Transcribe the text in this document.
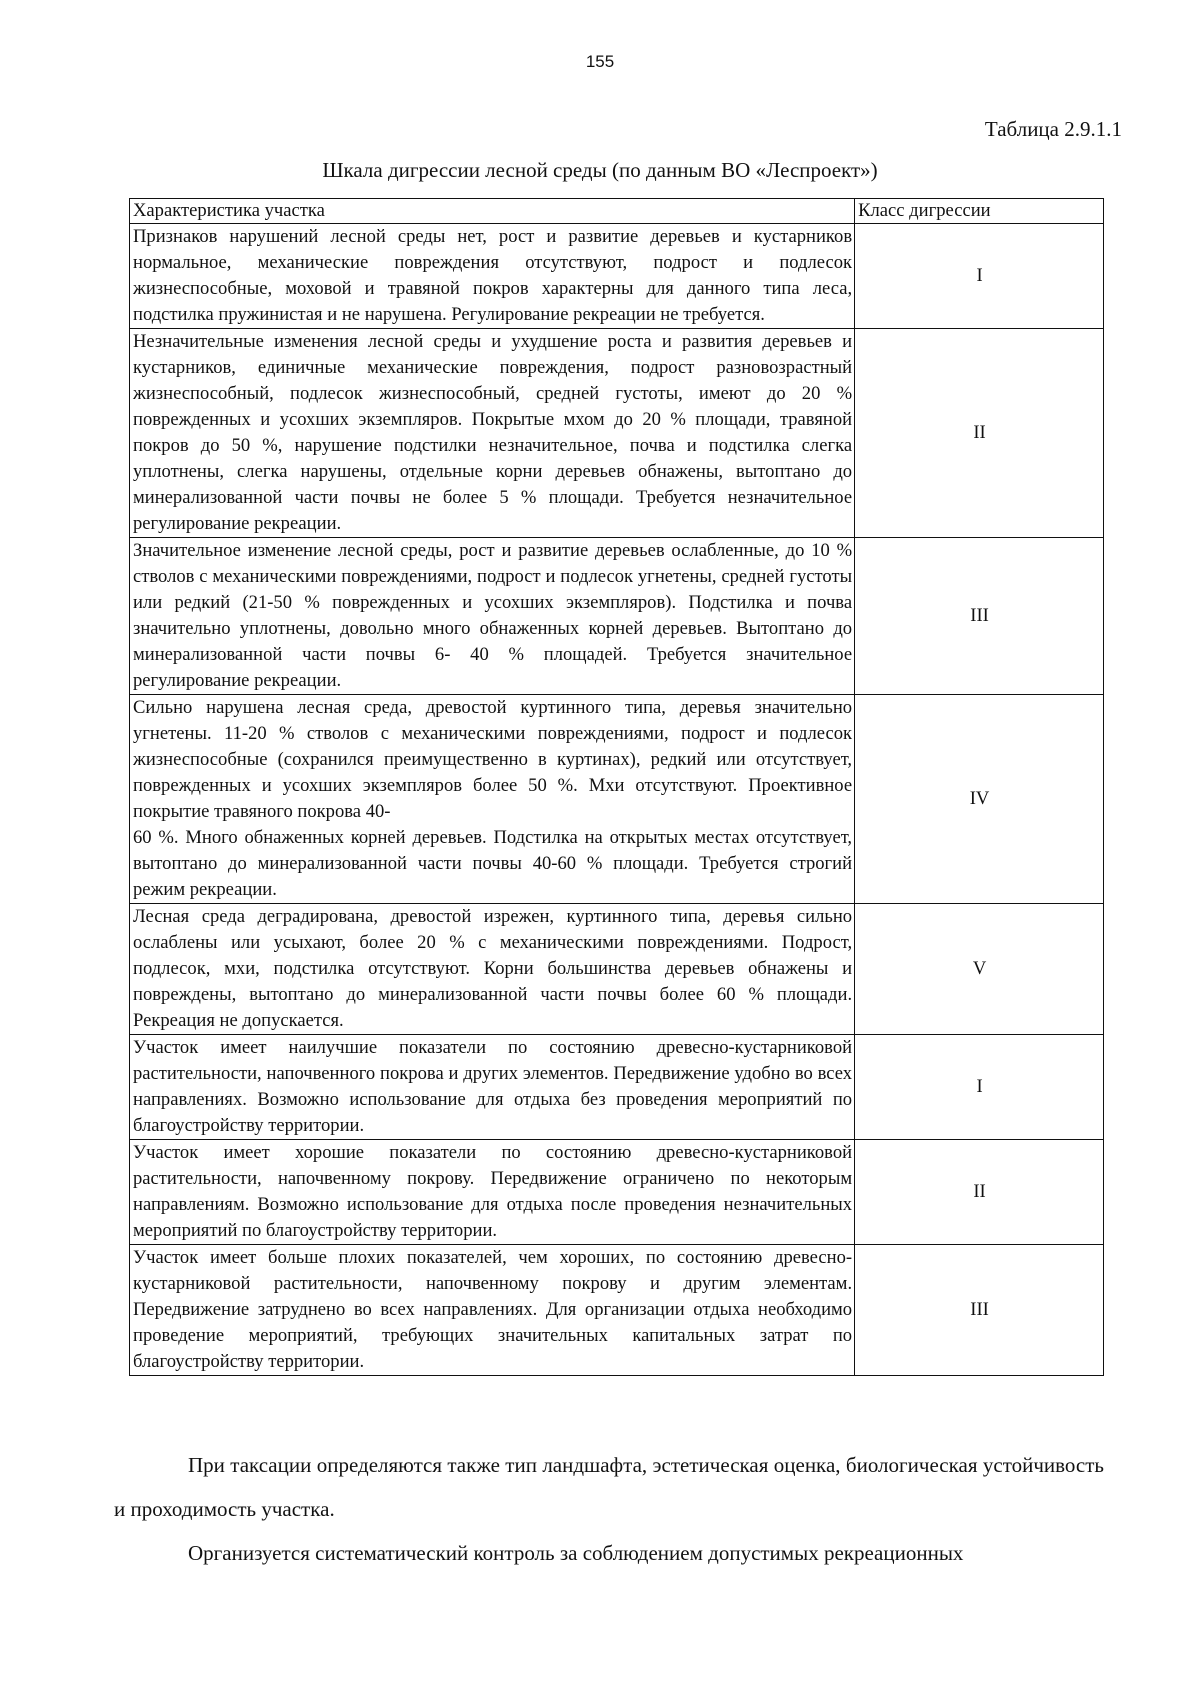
155
Таблица 2.9.1.1
Шкала дигрессии лесной среды (по данным ВО «Леспроект»)
Характеристика участка	Класс дигрессии
Признаков нарушений лесной среды нет, рост и развитие деревьев и кустарников нормальное, механические повреждения отсутствуют, подрост и подлесок жизнеспособные, моховой и травяной покров характерны для данного типа леса, подстилка пружинистая и не нарушена. Регулирование рекреации не требуется.	I
Незначительные изменения лесной среды и ухудшение роста и развития деревьев и кустарников, единичные механические повреждения, подрост разновозрастный жизнеспособный, подлесок жизнеспособный, средней густоты, имеют до 20 % поврежденных и усохших экземпляров. Покрытые мхом до 20 % площади, травяной покров до 50 %, нарушение подстилки незначительное, почва и подстилка слегка уплотнены, слегка нарушены, отдельные корни деревьев обнажены, вытоптано до минерализованной части почвы не более 5 % площади. Требуется незначительное регулирование рекреации.	II
Значительное изменение лесной среды, рост и развитие деревьев ослабленные, до 10 % стволов с механическими повреждениями, подрост и подлесок угнетены, средней густоты или редкий (21-50 % поврежденных и усохших экземпляров). Подстилка и почва значительно уплотнены, довольно много обнаженных корней деревьев. Вытоптано до минерализованной части почвы 6- 40 % площадей. Требуется значительное регулирование рекреации.	III
Сильно нарушена лесная среда, древостой куртинного типа, деревья значительно угнетены. 11-20 % стволов с механическими повреждениями, подрост и подлесок жизнеспособные (сохранился преимущественно в куртинах), редкий или отсутствует, поврежденных и усохших экземпляров более 50 %. Мхи отсутствуют. Проективное покрытие травяного покрова 40-
60 %. Много обнаженных корней деревьев. Подстилка на открытых местах отсутствует, вытоптано до минерализованной части почвы 40-60 % площади. Требуется строгий режим рекреации.	IV
Лесная среда деградирована, древостой изрежен, куртинного типа, деревья сильно ослаблены или усыхают, более 20 % с механическими повреждениями. Подрост, подлесок, мхи, подстилка отсутствуют. Корни большинства деревьев обнажены и повреждены, вытоптано до минерализованной части почвы более 60 % площади. Рекреация не допускается.	V
Участок имеет наилучшие показатели по состоянию древесно-кустарниковой растительности, напочвенного покрова и других элементов. Передвижение удобно во всех направлениях. Возможно использование для отдыха без проведения мероприятий по благоустройству территории.	I
Участок имеет хорошие показатели по состоянию древесно-кустарниковой растительности, напочвенному покрову. Передвижение ограничено по некоторым направлениям. Возможно использование для отдыха после проведения незначительных мероприятий по благоустройству территории.	II
Участок имеет больше плохих показателей, чем хороших, по состоянию древесно-кустарниковой растительности, напочвенному покрову и другим элементам. Передвижение затруднено во всех направлениях. Для организации отдыха необходимо проведение мероприятий, требующих значительных капитальных затрат по благоустройству территории.	III

При таксации определяются также тип ландшафта, эстетическая оценка, биологическая устойчивость и проходимость участка.

Организуется систематический контроль за соблюдением допустимых рекреационных
